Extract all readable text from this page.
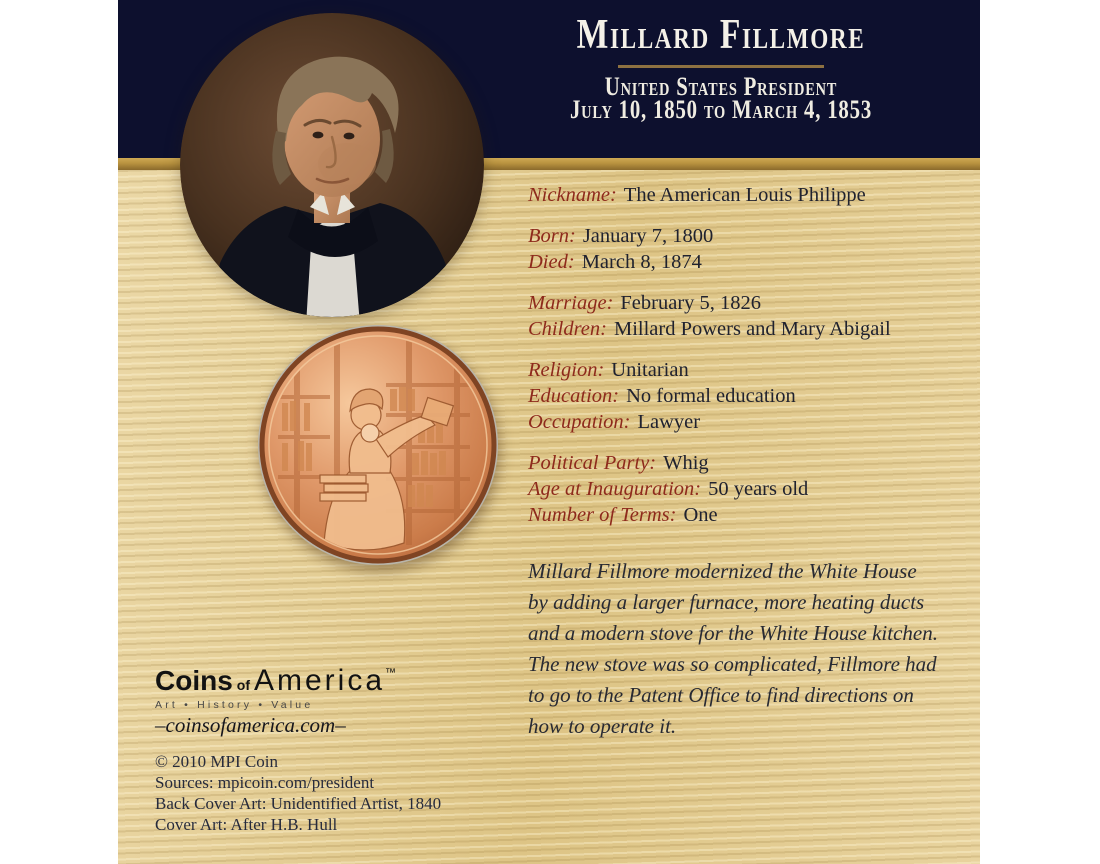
Millard Fillmore
United States President
July 10, 1850 to March 4, 1853
Nickname: The American Louis Philippe
Born: January 7, 1800
Died: March 8, 1874
Marriage: February 5, 1826
Children: Millard Powers and Mary Abigail
Religion: Unitarian
Education: No formal education
Occupation: Lawyer
Political Party: Whig
Age at Inauguration: 50 years old
Number of Terms: One
Millard Fillmore modernized the White House
by adding a larger furnace, more heating ducts
and a modern stove for the White House kitchen.
The new stove was so complicated, Fillmore had
to go to the Patent Office to find directions on
how to operate it.
Coins of America™
Art • History • Value
–coinsofamerica.com–
© 2010 MPI Coin
Sources: mpicoin.com/president
Back Cover Art: Unidentified Artist, 1840
Cover Art: After H.B. Hull
